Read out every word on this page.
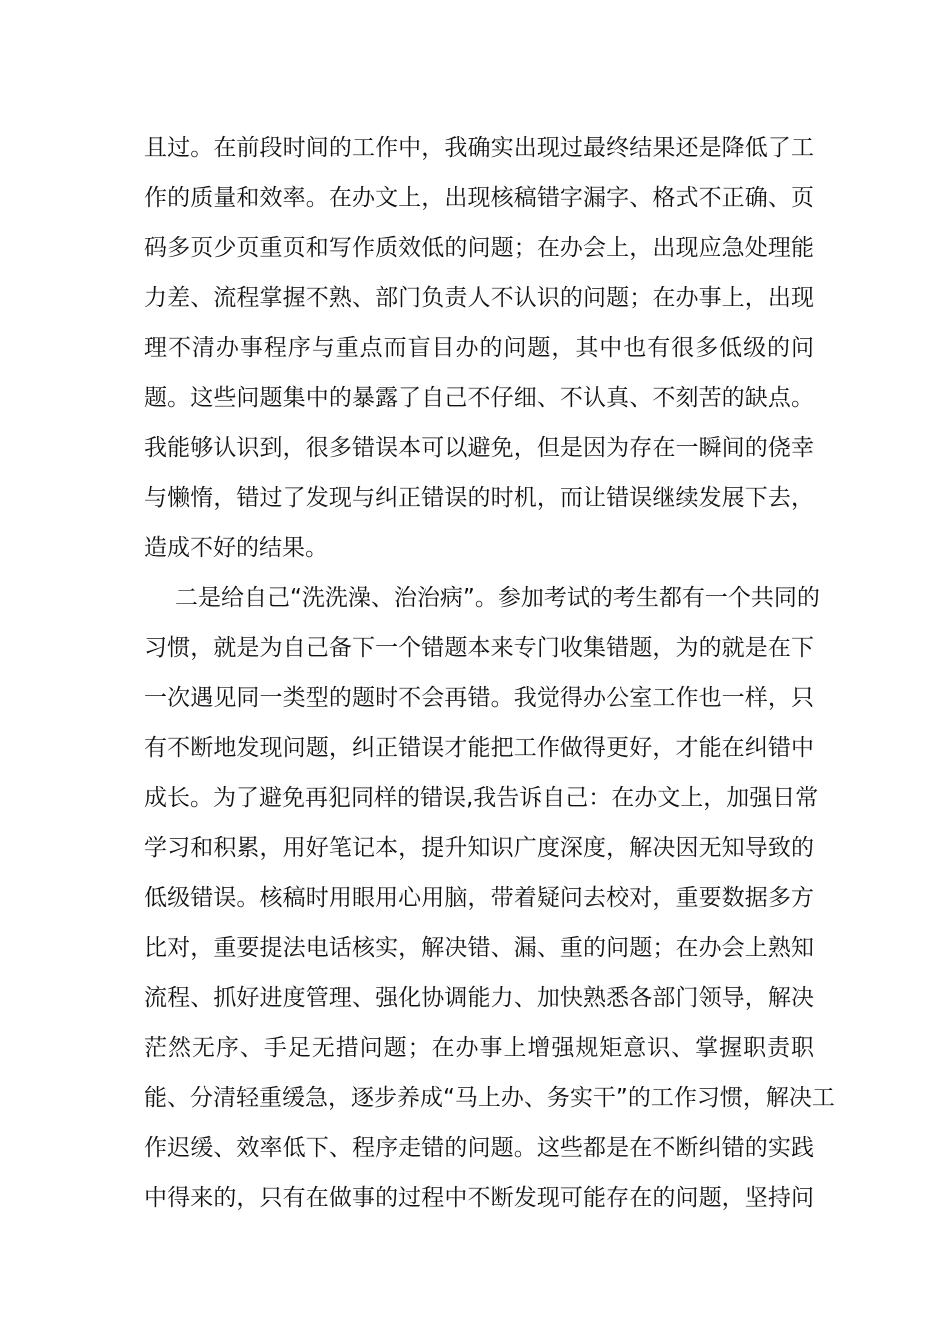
且过。在前段时间的工作中，我确实出现过最终结果还是降低了工
作的质量和效率。在办文上，出现核稿错字漏字、格式不正确、页
码多页少页重页和写作质效低的问题；在办会上，出现应急处理能
力差、流程掌握不熟、部门负责人不认识的问题；在办事上，出现
理不清办事程序与重点而盲目办的问题，其中也有很多低级的问
题。这些问题集中的暴露了自己不仔细、不认真、不刻苦的缺点。
我能够认识到，很多错误本可以避免，但是因为存在一瞬间的侥幸
与懒惰，错过了发现与纠正错误的时机，而让错误继续发展下去，
造成不好的结果。
二是给自己“洗洗澡、治治病”。参加考试的考生都有一个共同的
习惯，就是为自己备下一个错题本来专门收集错题，为的就是在下
一次遇见同一类型的题时不会再错。我觉得办公室工作也一样，只
有不断地发现问题，纠正错误才能把工作做得更好，才能在纠错中
成长。为了避免再犯同样的错误,我告诉自己：在办文上，加强日常
学习和积累，用好笔记本，提升知识广度深度，解决因无知导致的
低级错误。核稿时用眼用心用脑，带着疑问去校对，重要数据多方
比对，重要提法电话核实，解决错、漏、重的问题；在办会上熟知
流程、抓好进度管理、强化协调能力、加快熟悉各部门领导，解决
茫然无序、手足无措问题；在办事上增强规矩意识、掌握职责职
能、分清轻重缓急，逐步养成“马上办、务实干”的工作习惯，解决工
作迟缓、效率低下、程序走错的问题。这些都是在不断纠错的实践
中得来的，只有在做事的过程中不断发现可能存在的问题，坚持问
